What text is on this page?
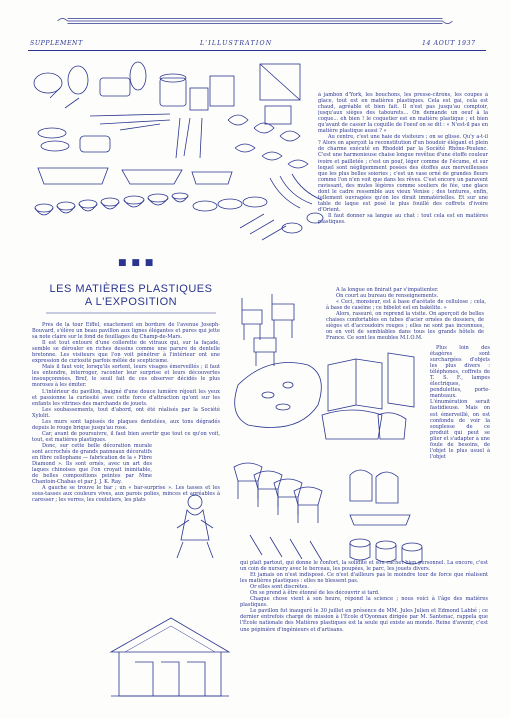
SUPPLEMENT	L'ILLUSTRATION	14 AOUT 1937
■ ■ ■
LES MATIÈRES PLASTIQUES
A L'EXPOSITION

Près de la tour Eiffel, exactement en bordure de l'avenue Joseph-Bouvard, s'élève un beau pavillon aux lignes élégantes et pures qui jette sa note claire sur le fond de feuillages du Champ-de-Mars.

Il est tout entouré d'une collerette de vitraux qui, sur la façade, semble se dérouler en riches dessins comme une parure de dentelle bretonne. Les visiteurs que l'on voit pénétrer à l'intérieur ont une expression de curiosité parfois mêlée de scepticisme.

Mais il faut voir, lorsqu'ils sortent, leurs visages émerveillés ; il faut les entendre, interroger, raconter leur surprise et leurs découvertes insoupçonnées. Bref, le seuil fait de ces observer décidés le plus moroses à les émiter.

L'intérieur du pavillon, baigné d'une douce lumière réjouit les yeux et passionne la curiosité avec cette force d'attraction qu'ont sur les enfants les vitrines des marchands de jouets.

Les soubassements, tout d'abord, ont été réalisés par la Société Xylolit.

Les murs sont tapissés de plaques dentelées, aux tons dégradés depuis le rouge brique jusqu'au rose.

Car, avant de poursuivre, il faut bien avertir que tout ce qu'on voit, tout, est matières plastiques.

Donc, sur cette belle décoration murale sont accrochés de grands panneaux décoratifs en fibre cellophane — fabrication de la « Fibre Diamond ». Ils sont ornés, avec un art des laques chinoises que l'on croyait inimitable, de belles compositions peintes par Mme Chantoin-Chabas et par J. J. K. Ray.

A gauche se trouve le bar ; un « bar-surprise ». Les tasses et les sous-tasses aux couleurs vives, aux parois polies, minces et agréables à caresser ; les verres, les couteliers, les plats

à jambon d'York, les bouchons, les presse-citrons, les coupes à glace, tout est en matières plastiques. Cela est gai, cela est chaud, agréable et bien fait. Il n'est pas jusqu'au comptoir, jusqu'aux sièges des tabourets... On demande un oeuf à la coque... eh bien ! le coquetier est en matière plastique ; et bien qu'avant de casser la coquille de l'oeuf on se dit : « N'est-il pas en matière plastique aussi ? »

Au centre, c'est une haie de visiteurs ; on se glisse. Qu'y a-t-il ? Alors on aperçoit la reconstitution d'un boudoir élégant et plein de charme exécuté en Rhodoïd par la Société Rhône-Poulenc. C'est une harmonieuse chaise longue revêtue d'une étoffe couleur ivoire et pailletée ; c'est un pouf, léger comme de l'écume, et sur lequel sont négligemment posées des étoffes aux merveilleuses que les plus belles soieries ; c'est un vase orné de grandes fleurs comme l'on n'en voit que dans les rêves. C'est encore un paravent ravissant, des mules légères comme souliers de fée, une glace dont le cadre ressemble aux vieux Venise ; des tentures, enfin, tellement ouvragées qu'on les dirait immatérielles. Et sur une table de laque est posé le plus fouillé des coffrets d'ivoire d'Orient.

Il faut donner sa langue au chat : tout cela est en matières plastiques.

A la longue on finirait par s'impatienter.

On court au bureau de renseignements.

« Ceci, monsieur, est à base d'acétate de cellulose ; cela, à base de caséine ; ce bibelot est en bakélite. »

Alors, rassuré, on reprend la visite. On aperçoit de belles chaises confortables en tubes d'acier ornées de dossiers, de sièges et d'accoudoirs rouges ; elles ne sont pas inconnues, on en voit de semblables dans tous les grands hôtels de France. Ce sont les meubles M.I.O.M.

Plus loin des étagères sont surchargées d'objets les plus divers : téléphones, coffrets de T. S. F., lampes électriques, pendulettes, porte-manteaux. L'énumération serait fastidieuse. Mais on est émerveillé, on est confondu de voir la souplesse de ce produit qui peut se plier et s'adapter à une foule de besoins, de l'objet le plus usuel à l'objet

qui plaît partout, qui donne le confort, la solidité et son cachet bien personnel. La encore, c'est un coin de nursery avec le berceau, les poupées, le parc, les jouets divers.

Et jamais on n'est indisposé. Ce n'est d'ailleurs pas le moindre tour de force que réalisent les matières plastiques : elles ne blessent pas.

Or elles sont discrètes.

On se prend à être étonné de les découvrir si tard.

Chaque chose vient à son heure, répond la science ; nous voici à l'âge des matières plastiques.

Le pavillon fut inauguré le 30 juillet en présence de MM. Jules Julien et Edmond Labbé ; ce dernier entrefois chargé de mission à l'École d'Oyonnax dirigée par M. Santenac, rappela que l'École nationale des Matières plastiques est la seule qui existe au monde. Reine d'avenir, c'est une pépinière d'ingénieurs et d'artisans.
